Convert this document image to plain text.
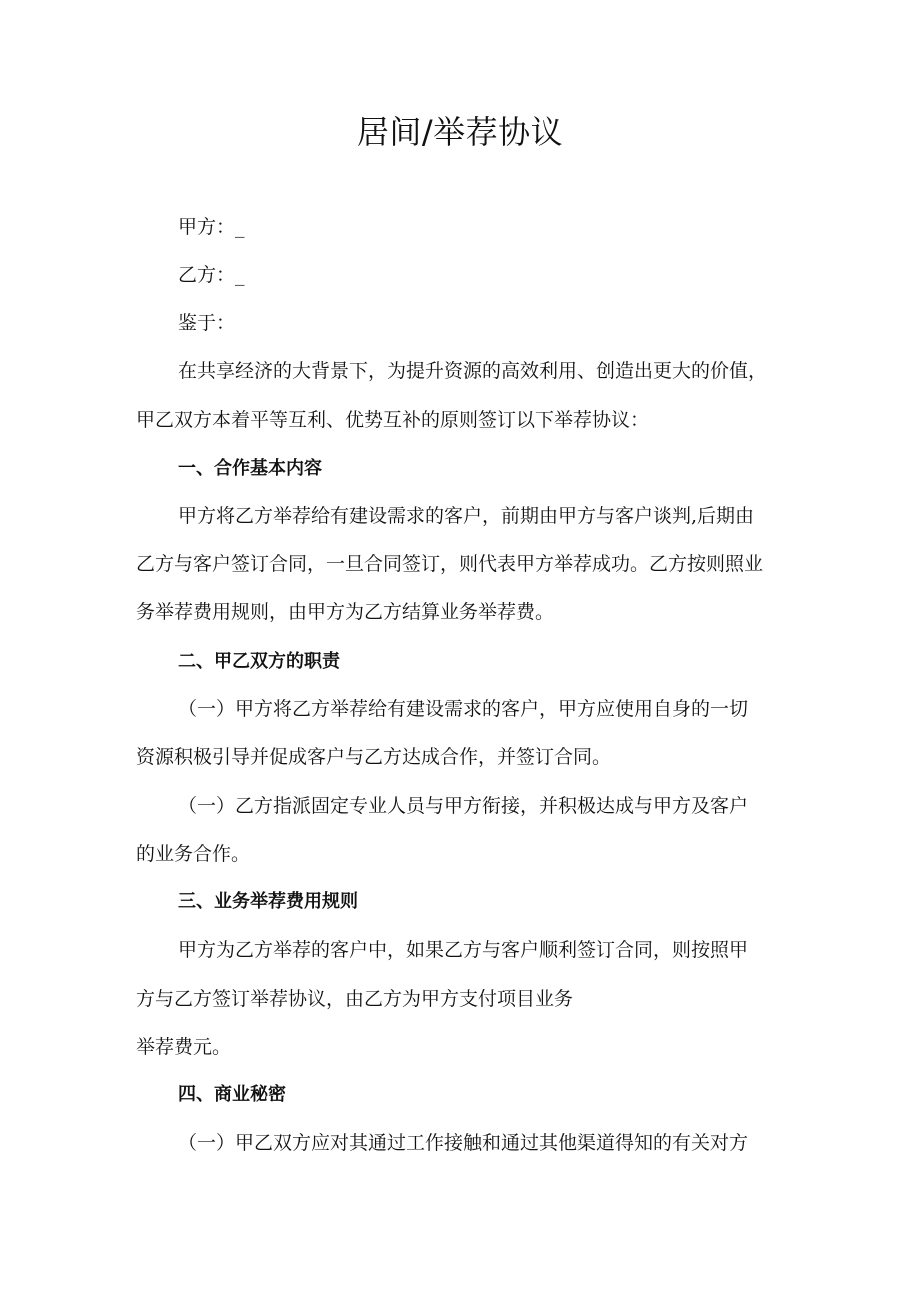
居间/举荐协议
甲方：_
乙方：_
鉴于：
在共享经济的大背景下，为提升资源的高效利用、创造出更大的价值，
甲乙双方本着平等互利、优势互补的原则签订以下举荐协议：
一、合作基本内容
甲方将乙方举荐给有建设需求的客户，前期由甲方与客户谈判,后期由
乙方与客户签订合同，一旦合同签订，则代表甲方举荐成功。乙方按则照业
务举荐费用规则，由甲方为乙方结算业务举荐费。
二、甲乙双方的职责
（一）甲方将乙方举荐给有建设需求的客户，甲方应使用自身的一切
资源积极引导并促成客户与乙方达成合作，并签订合同。
（一）乙方指派固定专业人员与甲方衔接，并积极达成与甲方及客户
的业务合作。
三、业务举荐费用规则
甲方为乙方举荐的客户中，如果乙方与客户顺利签订合同，则按照甲
方与乙方签订举荐协议，由乙方为甲方支付项目业务
举荐费元。
四、商业秘密
（一）甲乙双方应对其通过工作接触和通过其他渠道得知的有关对方
